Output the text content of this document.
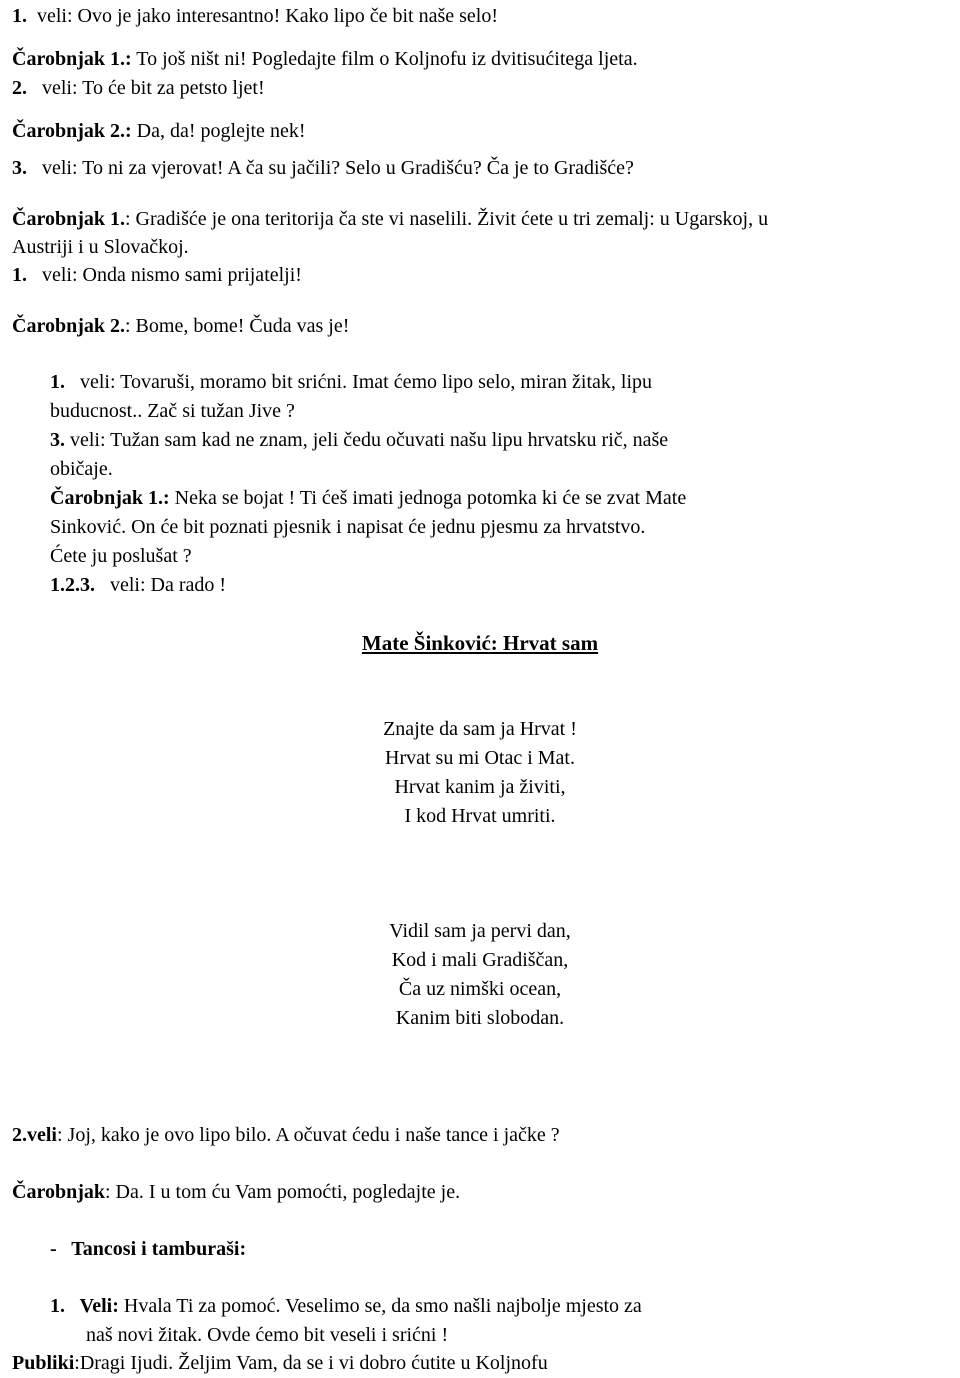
1.  veli: Ovo je jako interesantno! Kako lipo če bit naše selo!
Čarobnjak 1.: To još ništ ni! Pogledajte film o Koljnofu iz dvitisućitega ljeta.
2.   veli: To će bit za petsto ljet!
Čarobnjak 2.: Da, da! poglejte nek!
3.   veli: To ni za vjerovat! A ča su jačili? Selo u Gradišću? Ča je to Gradišće?
Čarobnjak 1.: Gradišće je ona teritorija ča ste vi naselili. Živit ćete u tri zemalj: u Ugarskoj, u
Austriji i u Slovačkoj.
1.   veli: Onda nismo sami prijatelji!
Čarobnjak 2.: Bome, bome! Čuda vas je!
1.   veli: Tovaruši, moramo bit srićni. Imat ćemo lipo selo, miran žitak, lipu
buducnost.. Zač si tužan Jive ?
3. veli: Tužan sam kad ne znam, jeli čedu očuvati našu lipu hrvatsku rič, naše
običaje.
Čarobnjak 1.: Neka se bojat ! Ti ćeš imati jednoga potomka ki će se zvat Mate
Sinković. On će bit poznati pjesnik i napisat će jednu pjesmu za hrvatstvo.
Ćete ju poslušat ?
1.2.3.   veli: Da rado !
Mate Šinković: Hrvat sam
Znajte da sam ja Hrvat !
Hrvat su mi Otac i Mat.
Hrvat kanim ja živiti,
I kod Hrvat umriti.
Vidil sam ja pervi dan,
Kod i mali Gradiščan,
Ča uz nimški ocean,
Kanim biti slobodan.
2.veli: Joj, kako je ovo lipo bilo. A očuvat ćedu i naše tance i jačke ?
Čarobnjak: Da. I u tom ću Vam pomoćti, pogledajte je.
-   Tancosi i tamburaši:
1.   Veli: Hvala Ti za pomoć. Veselimo se, da smo našli najbolje mjesto za
naš novi žitak. Ovde ćemo bit veseli i srićni !
Publiki:Dragi Ijudi. Željim Vam, da se i vi dobro ćutite u Koljnofu
